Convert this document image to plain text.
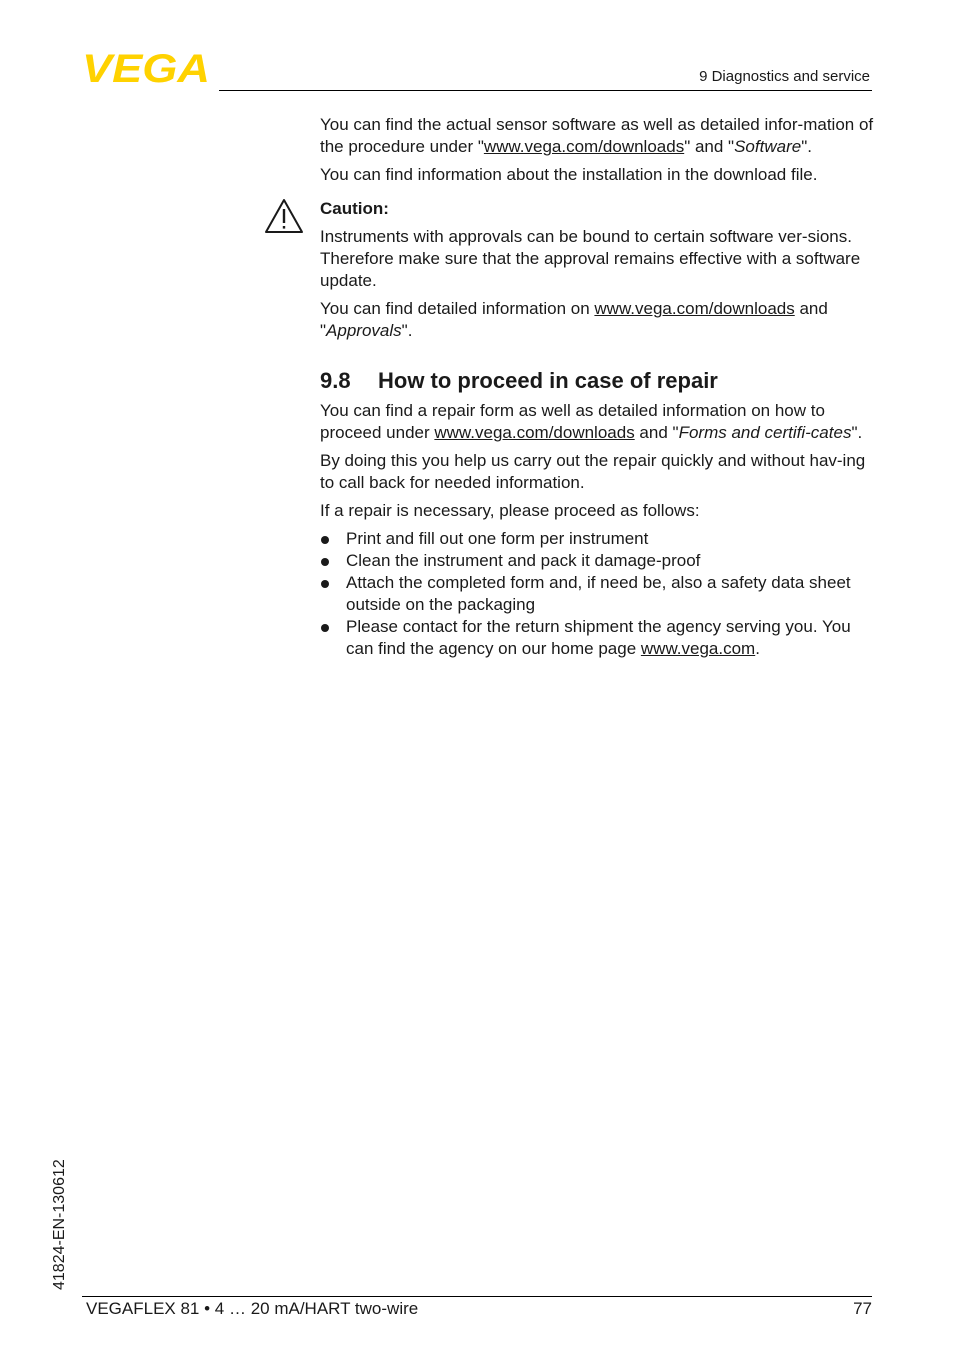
VEGA	9 Diagnostics and service

You can find the actual sensor software as well as detailed infor-mation of the procedure under "www.vega.com/downloads" and "Software".

You can find information about the installation in the download file.

Caution:

Instruments with approvals can be bound to certain software ver-sions. Therefore make sure that the approval remains effective with a software update.

You can find detailed information on www.vega.com/downloads and "Approvals".

9.8 How to proceed in case of repair

You can find a repair form as well as detailed information on how to proceed under www.vega.com/downloads and "Forms and certifi-cates".

By doing this you help us carry out the repair quickly and without hav-ing to call back for needed information.

If a repair is necessary, please proceed as follows:

Print and fill out one form per instrument
Clean the instrument and pack it damage-proof
Attach the completed form and, if need be, also a safety data sheet outside on the packaging
Please contact for the return shipment the agency serving you. You can find the agency on our home page www.vega.com.
41824-EN-130612
VEGAFLEX 81 • 4 … 20 mA/HART two-wire	77
